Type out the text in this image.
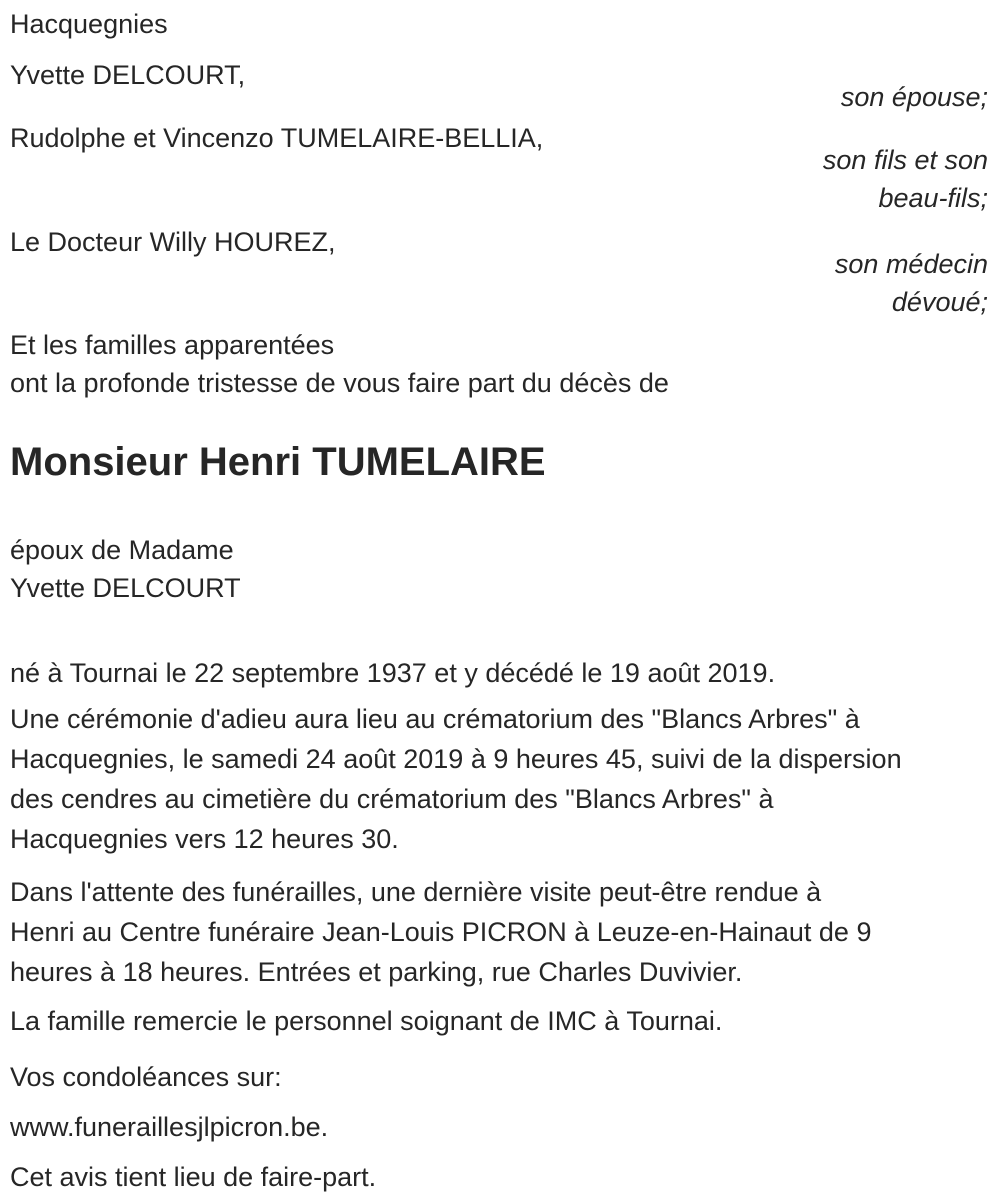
Hacquegnies
Yvette DELCOURT,
son épouse;
Rudolphe et Vincenzo TUMELAIRE-BELLIA,
son fils et son
beau-fils;
Le Docteur Willy HOUREZ,
son médecin
dévoué;
Et les familles apparentées
ont la profonde tristesse de vous faire part du décès de
Monsieur Henri TUMELAIRE
époux de Madame
Yvette DELCOURT
né à Tournai le 22 septembre 1937 et y décédé le 19 août 2019.
Une cérémonie d'adieu aura lieu au crématorium des "Blancs Arbres" à
Hacquegnies, le samedi 24 août 2019 à 9 heures 45, suivi de la dispersion
des cendres au cimetière du crématorium des "Blancs Arbres" à
Hacquegnies vers 12 heures 30.
Dans l'attente des funérailles, une dernière visite peut-être rendue à
Henri au Centre funéraire Jean-Louis PICRON à Leuze-en-Hainaut de 9
heures à 18 heures. Entrées et parking, rue Charles Duvivier.
La famille remercie le personnel soignant de IMC à Tournai.
Vos condoléances sur:
www.funeraillesjlpicron.be.
Cet avis tient lieu de faire-part.
